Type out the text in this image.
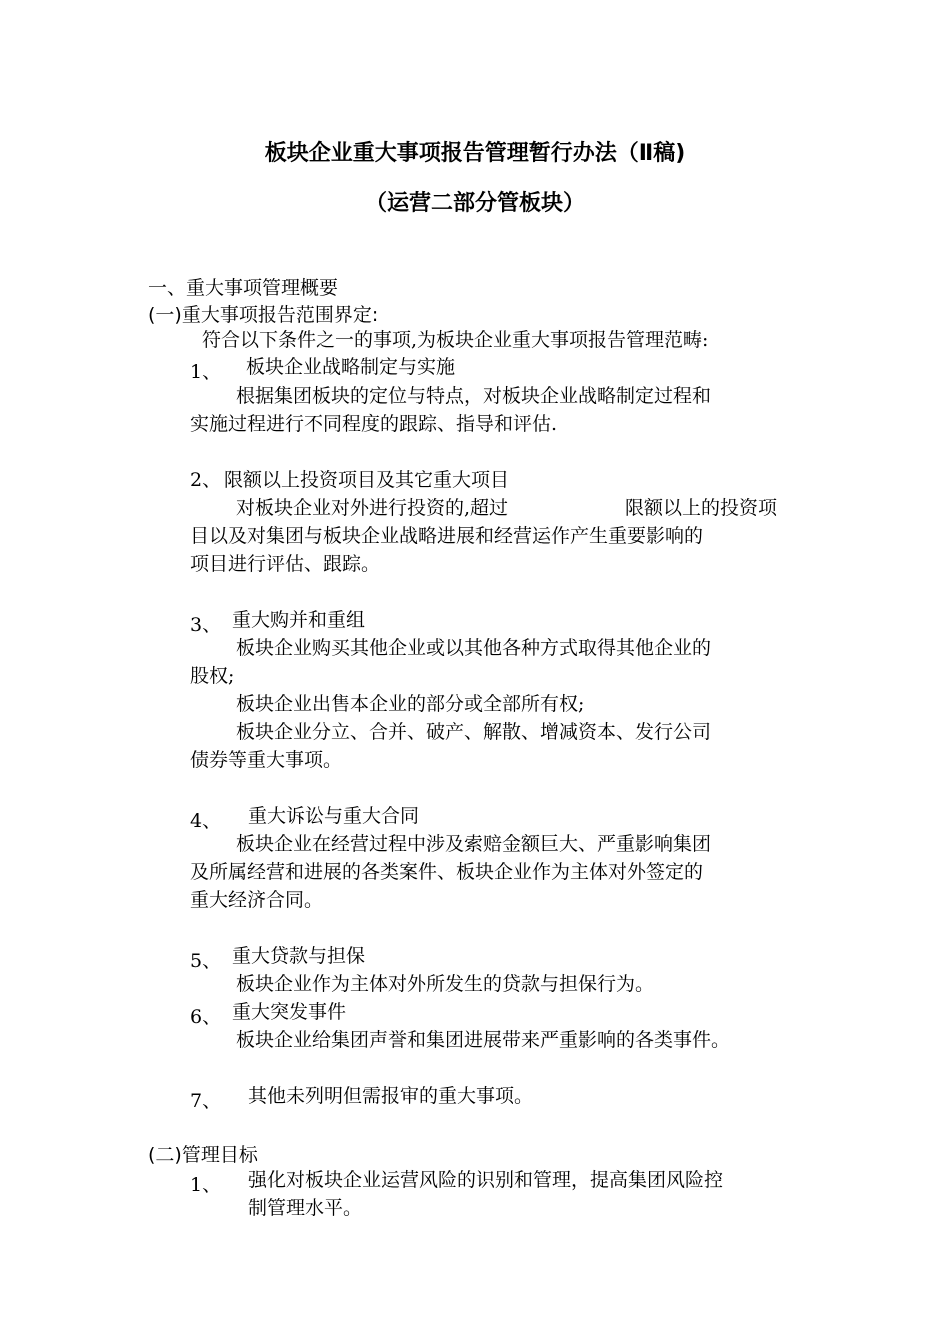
板块企业重大事项报告管理暂行办法（Ⅱ稿)
（运营二部分管板块）
一、重大事项管理概要
(一)重大事项报告范围界定:
符合以下条件之一的事项,为板块企业重大事项报告管理范畴:
1、 板块企业战略制定与实施
根据集团板块的定位与特点，对板块企业战略制定过程和
实施过程进行不同程度的跟踪、指导和评估.
2、 限额以上投资项目及其它重大项目
对板块企业对外进行投资的,超过	限额以上的投资项
目以及对集团与板块企业战略进展和经营运作产生重要影响的
项目进行评估、跟踪。
3、 重大购并和重组
板块企业购买其他企业或以其他各种方式取得其他企业的
股权;
板块企业出售本企业的部分或全部所有权;
板块企业分立、合并、破产、解散、增减资本、发行公司
债券等重大事项。
4、 重大诉讼与重大合同
板块企业在经营过程中涉及索赔金额巨大、严重影响集团
及所属经营和进展的各类案件、板块企业作为主体对外签定的
重大经济合同。
5、 重大贷款与担保
板块企业作为主体对外所发生的贷款与担保行为。
6、 重大突发事件
板块企业给集团声誉和集团进展带来严重影响的各类事件。
7、 其他未列明但需报审的重大事项。
(二)管理目标
1、 强化对板块企业运营风险的识别和管理，提高集团风险控
制管理水平。
